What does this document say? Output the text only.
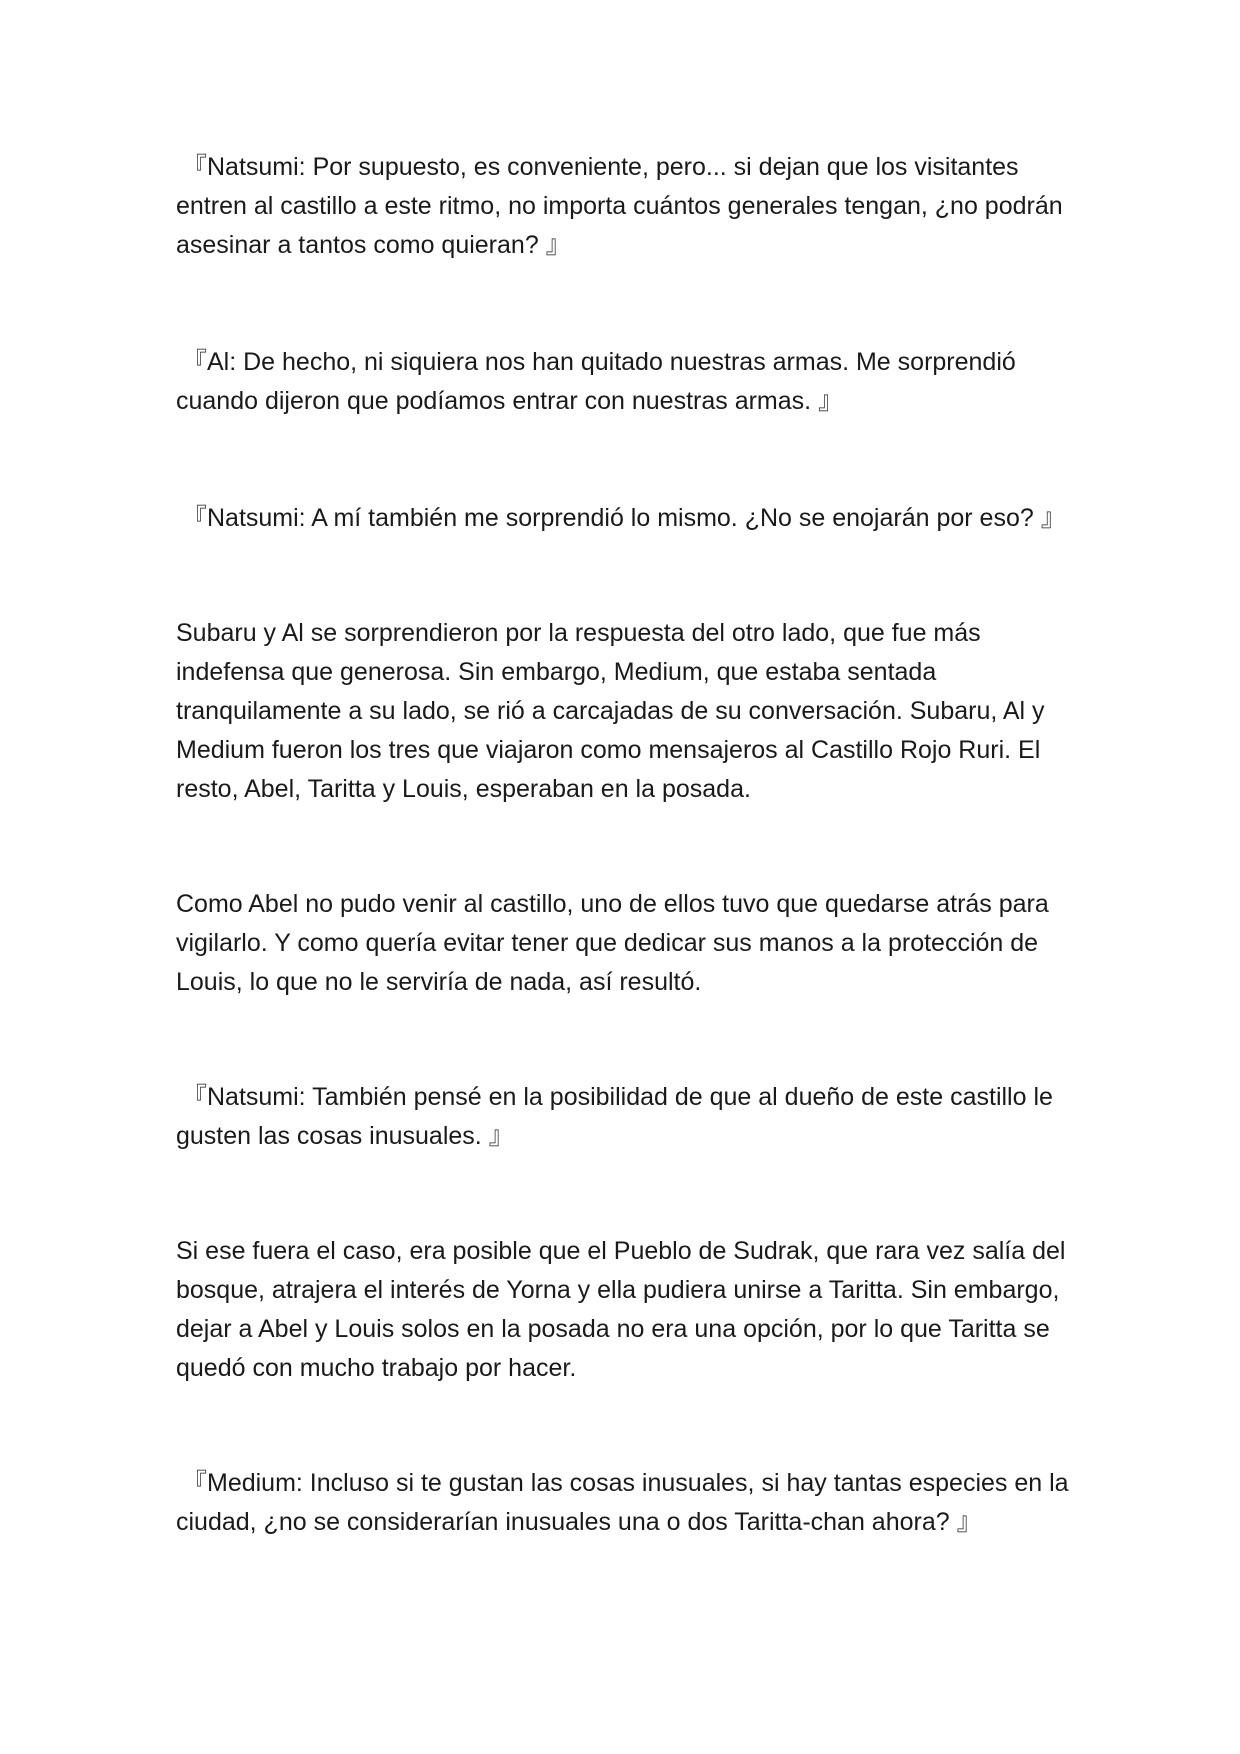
『Natsumi: Por supuesto, es conveniente, pero... si dejan que los visitantes entren al castillo a este ritmo, no importa cuántos generales tengan, ¿no podrán asesinar a tantos como quieran? 』

『Al: De hecho, ni siquiera nos han quitado nuestras armas. Me sorprendió cuando dijeron que podíamos entrar con nuestras armas. 』

『Natsumi: A mí también me sorprendió lo mismo. ¿No se enojarán por eso? 』

Subaru y Al se sorprendieron por la respuesta del otro lado, que fue más indefensa que generosa. Sin embargo, Medium, que estaba sentada tranquilamente a su lado, se rió a carcajadas de su conversación. Subaru, Al y Medium fueron los tres que viajaron como mensajeros al Castillo Rojo Ruri. El resto, Abel, Taritta y Louis, esperaban en la posada.

Como Abel no pudo venir al castillo, uno de ellos tuvo que quedarse atrás para vigilarlo. Y como quería evitar tener que dedicar sus manos a la protección de Louis, lo que no le serviría de nada, así resultó.

『Natsumi: También pensé en la posibilidad de que al dueño de este castillo le gusten las cosas inusuales. 』

Si ese fuera el caso, era posible que el Pueblo de Sudrak, que rara vez salía del bosque, atrajera el interés de Yorna y ella pudiera unirse a Taritta. Sin embargo, dejar a Abel y Louis solos en la posada no era una opción, por lo que Taritta se quedó con mucho trabajo por hacer.

『Medium: Incluso si te gustan las cosas inusuales, si hay tantas especies en la ciudad, ¿no se considerarían inusuales una o dos Taritta-chan ahora? 』
